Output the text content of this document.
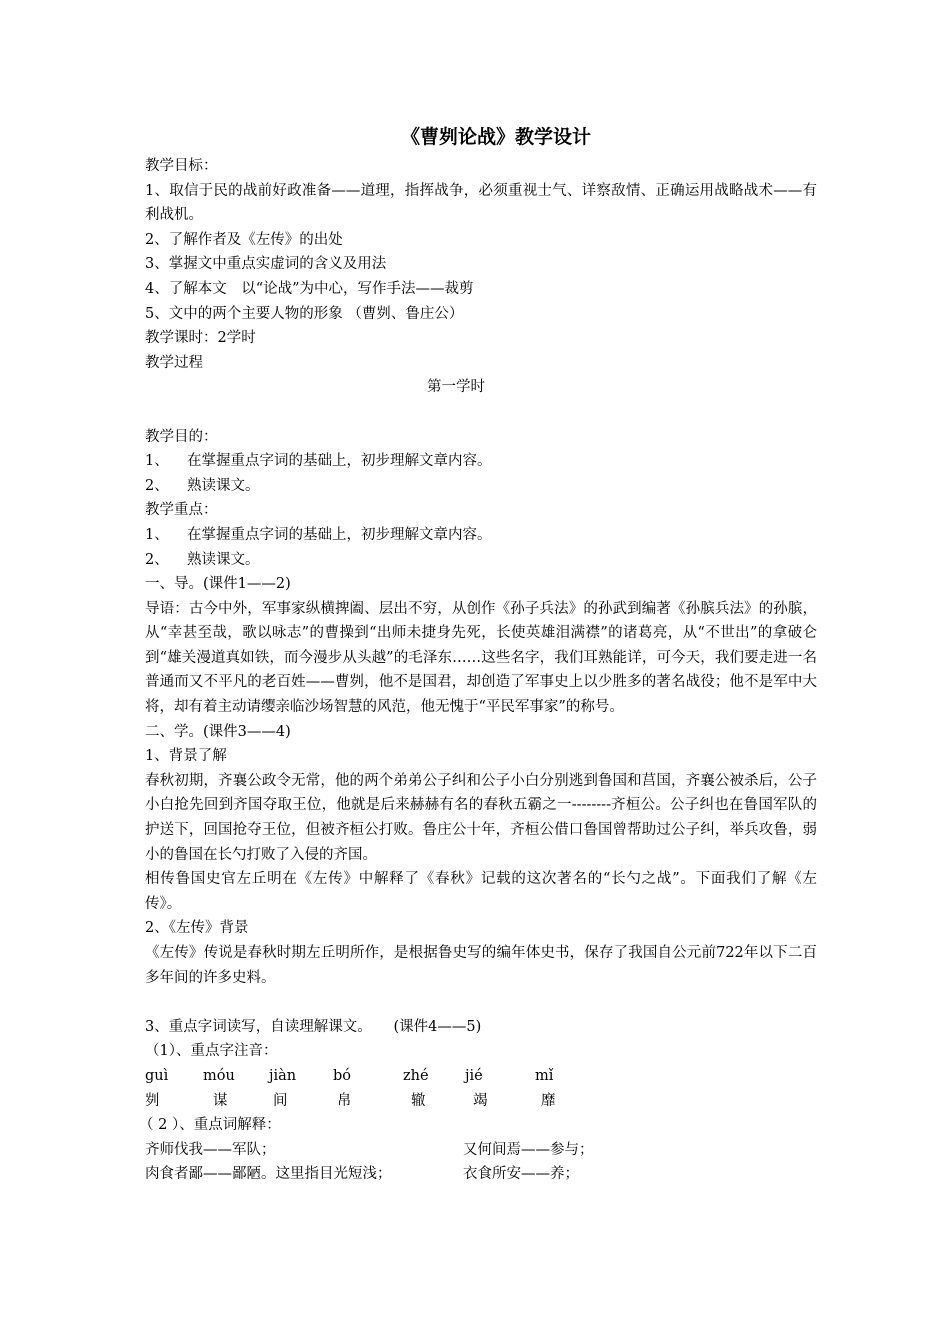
《曹刿论战》教学设计

教学目标：

1、取信于民的战前好政准备——道理，指挥战争，必须重视士气、详察敌情、正确运用战略战术——有利战机。

2、了解作者及《左传》的出处

3、掌握文中重点实虚词的含义及用法

4、了解本文　以“论战”为中心，写作手法——裁剪

5、文中的两个主要人物的形象 （曹刿、鲁庄公）

教学课时：2学时

教学过程

第一学时

教学目的：

1、	在掌握重点字词的基础上，初步理解文章内容。
2、	熟读课文。

教学重点：

1、	在掌握重点字词的基础上，初步理解文章内容。
2、	熟读课文。

一、导。(课件1——2)

导语：古今中外，军事家纵横捭阖、层出不穷，从创作《孙子兵法》的孙武到编著《孙膑兵法》的孙膑，从“幸甚至哉，歌以咏志”的曹操到“出师未捷身先死，长使英雄泪满襟”的诸葛亮，从“不世出”的拿破仑到“雄关漫道真如铁，而今漫步从头越”的毛泽东……这些名字，我们耳熟能详，可今天，我们要走进一名普通而又不平凡的老百姓——曹刿，他不是国君，却创造了军事史上以少胜多的著名战役；他不是军中大将，却有着主动请缨亲临沙场智慧的风范，他无愧于“平民军事家”的称号。

二、学。(课件3——4)

1、背景了解

春秋初期，齐襄公政令无常，他的两个弟弟公子纠和公子小白分别逃到鲁国和莒国，齐襄公被杀后，公子小白抢先回到齐国夺取王位，他就是后来赫赫有名的春秋五霸之一--------齐桓公。公子纠也在鲁国军队的护送下，回国抢夺王位，但被齐桓公打败。鲁庄公十年，齐桓公借口鲁国曾帮助过公子纠，举兵攻鲁，弱小的鲁国在长勺打败了入侵的齐国。

相传鲁国史官左丘明在《左传》中解释了《春秋》记载的这次著名的“长勺之战”。下面我们了解《左传》。

2、《左传》背景

《左传》传说是春秋时期左丘明所作，是根据鲁史写的编年体史书，保存了我国自公元前722年以下二百多年间的许多史料。

3、重点字词读写，自读理解课文。　　(课件4——5)

（1）、重点字注音：

guì	móu	jiàn	bó	zhé	jié	mǐ
刿	谋	间	帛	辙	竭	靡

（ 2 ）、重点词解释：

齐师伐我——军队；	又何间焉——参与；
肉食者鄙——鄙陋。这里指目光短浅；	衣食所安——养；
